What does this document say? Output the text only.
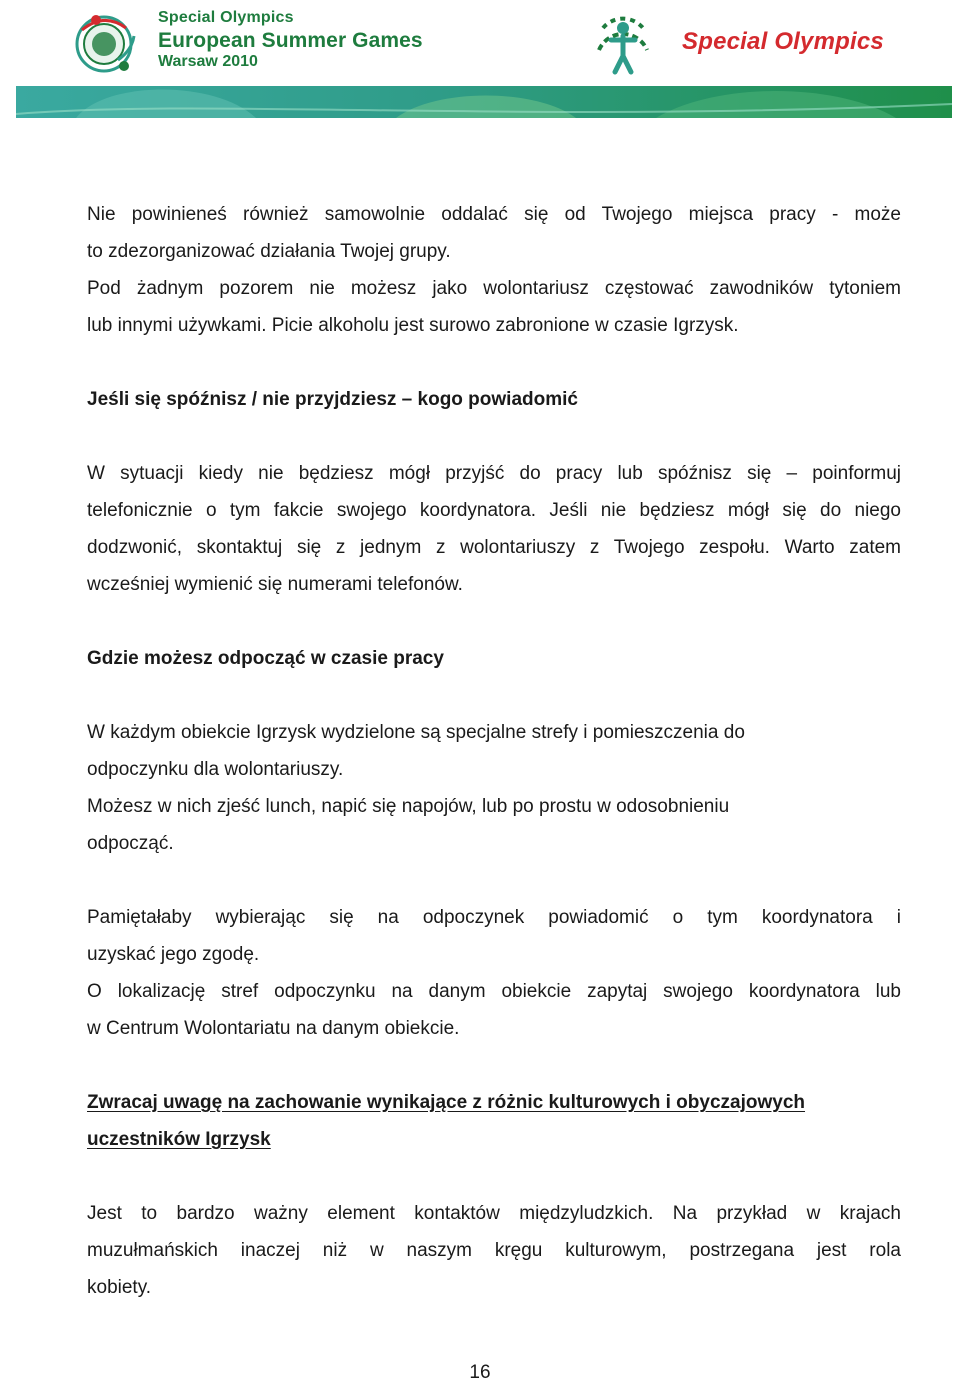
Special Olympics
European Summer Games
Warsaw 2010
Special Olympics
Nie powinieneś również samowolnie oddalać się od Twojego miejsca pracy - może
to zdezorganizować działania Twojej grupy.
Pod żadnym pozorem nie możesz jako wolontariusz częstować zawodników tytoniem
lub innymi używkami. Picie alkoholu jest surowo zabronione w czasie Igrzysk.
Jeśli się spóźnisz / nie przyjdziesz – kogo powiadomić
W sytuacji kiedy nie będziesz mógł przyjść do pracy lub spóźnisz się – poinformuj
telefonicznie o tym fakcie swojego koordynatora. Jeśli nie będziesz mógł się do niego
dodzwonić, skontaktuj się z jednym z wolontariuszy z Twojego zespołu. Warto zatem
wcześniej wymienić się numerami telefonów.
Gdzie możesz odpocząć w czasie pracy
W każdym obiekcie Igrzysk wydzielone są specjalne strefy i pomieszczenia do
odpoczynku dla wolontariuszy.
Możesz w nich zjeść lunch, napić się napojów, lub po prostu w odosobnieniu
odpocząć.
Pamiętałaby wybierając się na odpoczynek powiadomić o tym koordynatora i
uzyskać jego zgodę.
O lokalizację stref odpoczynku na danym obiekcie zapytaj swojego koordynatora lub
w Centrum Wolontariatu na danym obiekcie.
Zwracaj uwagę na zachowanie wynikające z różnic kulturowych i obyczajowych
uczestników Igrzysk
Jest to bardzo ważny element kontaktów międzyludzkich. Na przykład w krajach
muzułmańskich inaczej niż w naszym kręgu kulturowym, postrzegana jest rola
kobiety.
16
